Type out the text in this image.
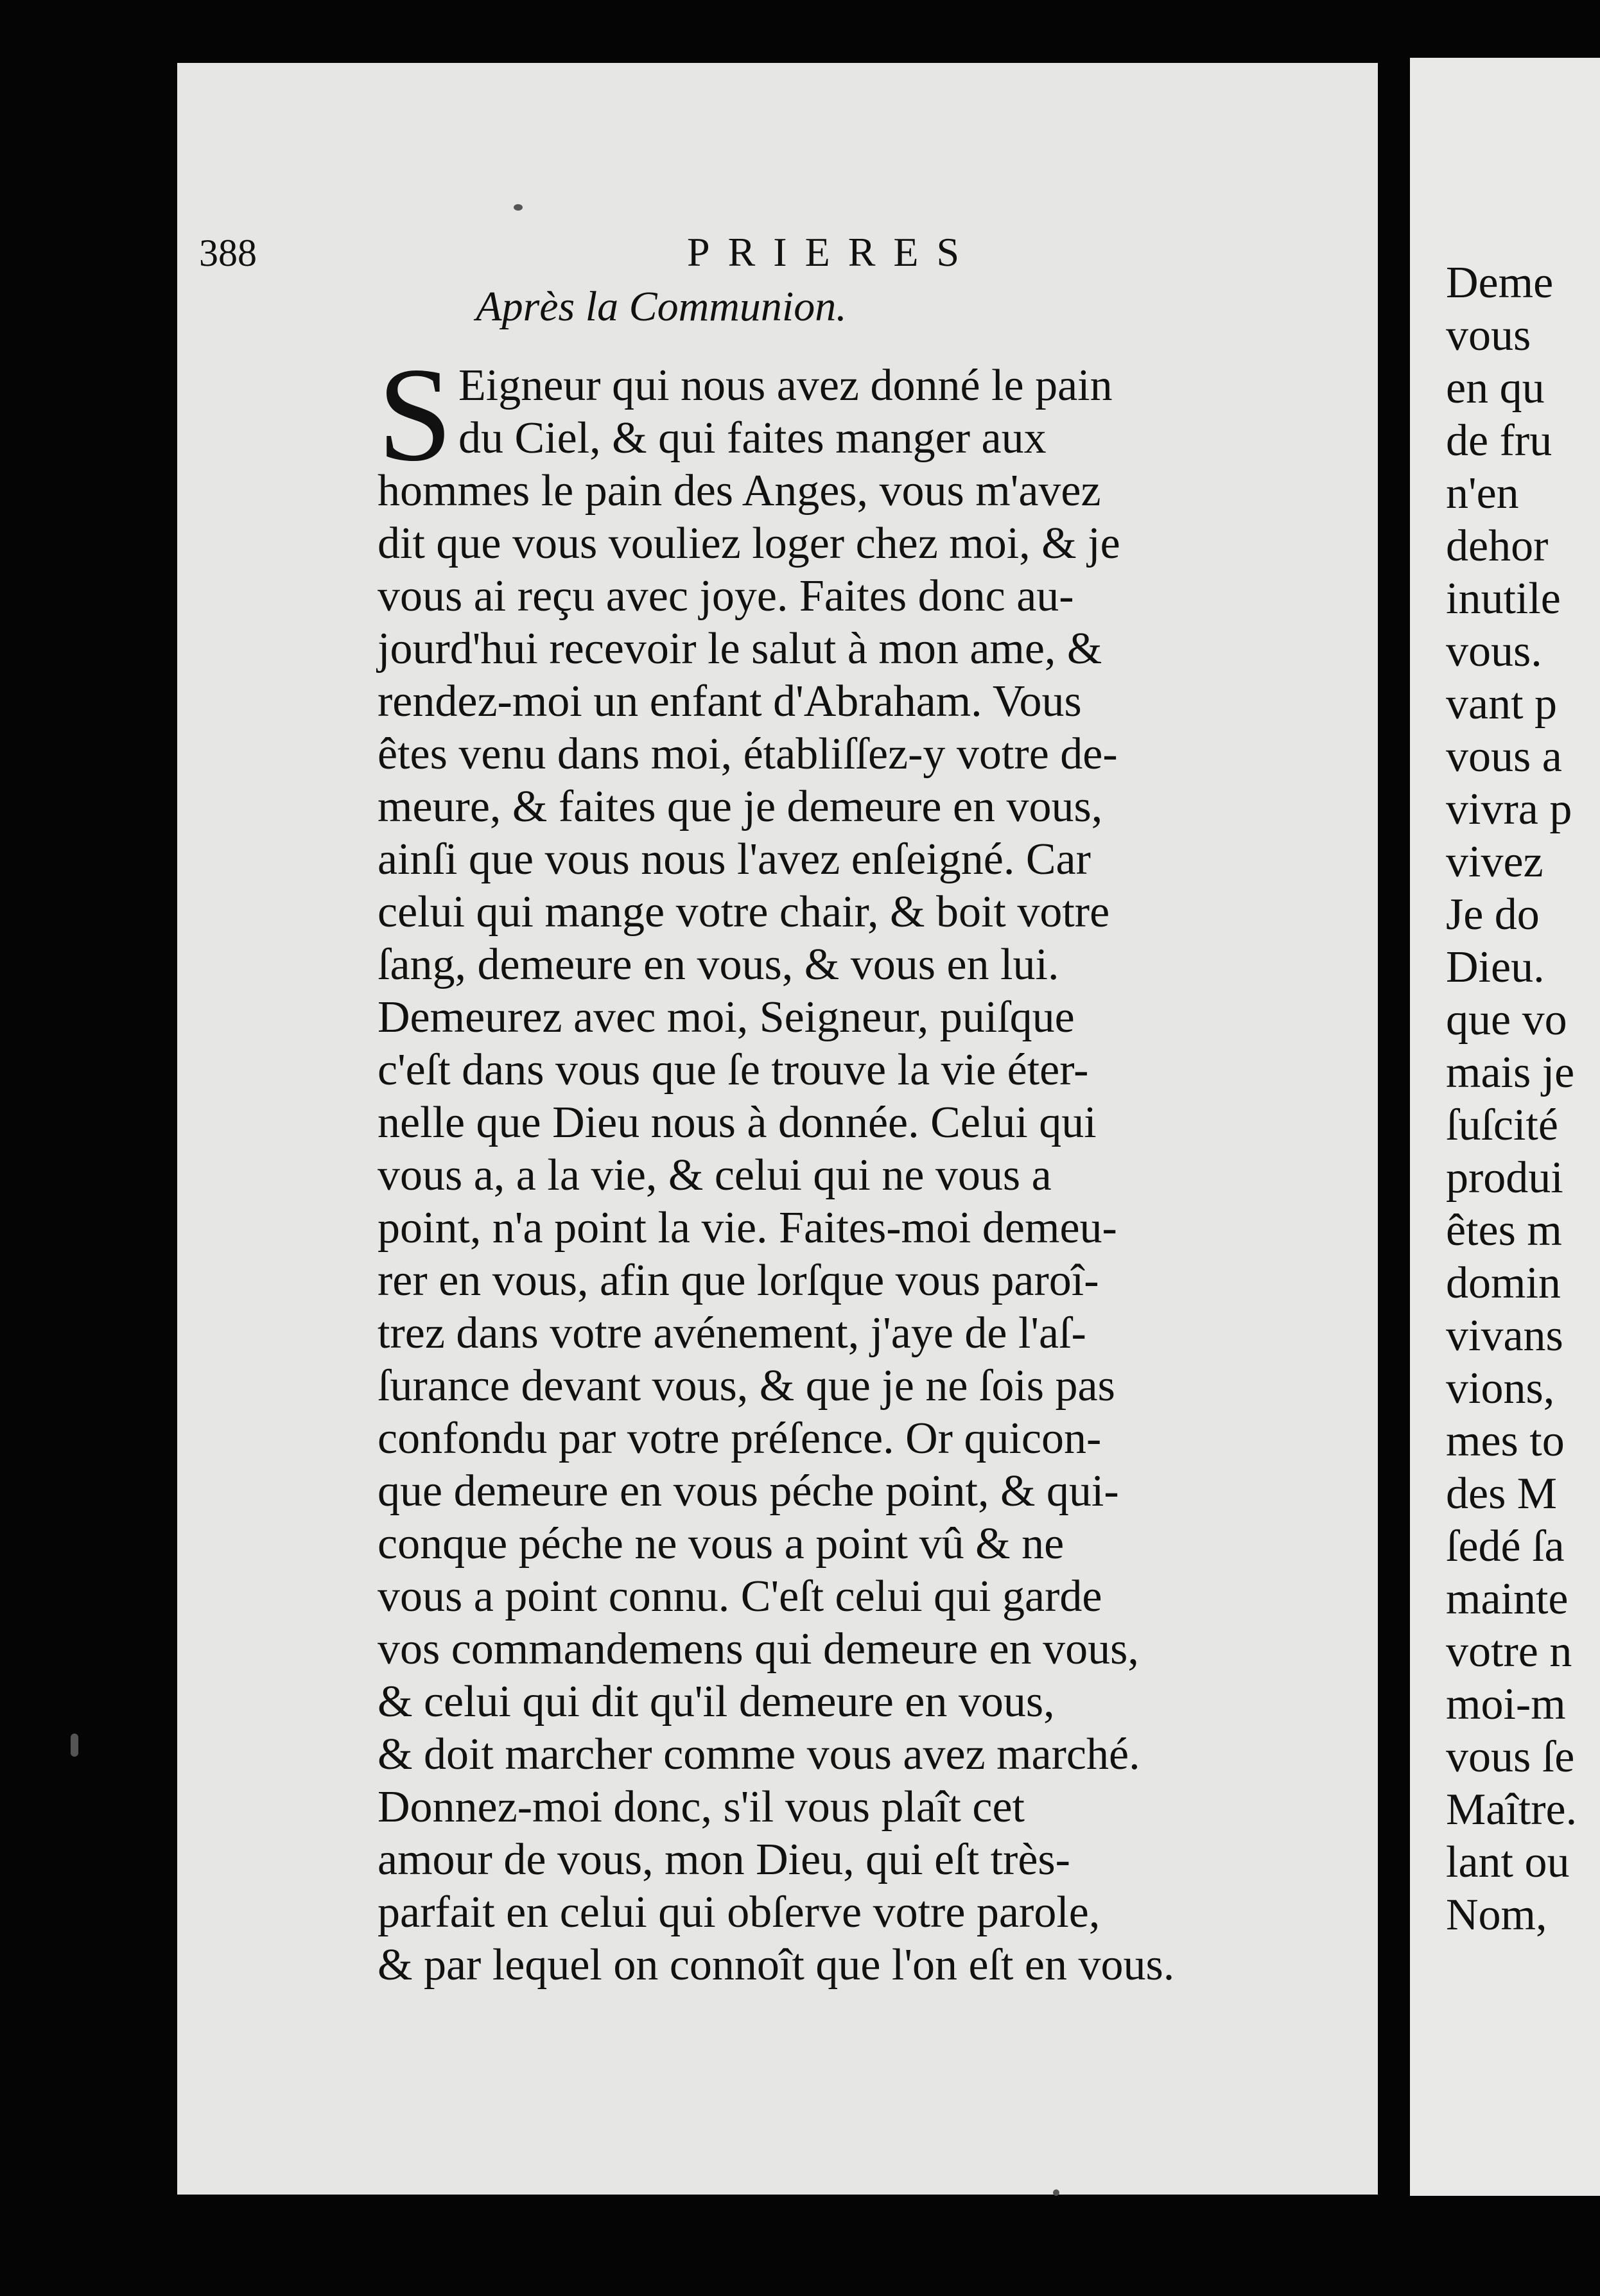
388	PRIERES
Après la Communion.
S Eigneur qui nous avez donné le pain
du Ciel, & qui faites manger aux
hommes le pain des Anges, vous m'avez
dit que vous vouliez loger chez moi, & je
vous ai reçu avec joye. Faites donc au-
jourd'hui recevoir le salut à mon ame, &
rendez-moi un enfant d'Abraham. Vous
êtes venu dans moi, établiſſez-y votre de-
meure, & faites que je demeure en vous,
ainſi que vous nous l'avez enſeigné. Car
celui qui mange votre chair, & boit votre
ſang, demeure en vous, & vous en lui.
Demeurez avec moi, Seigneur, puiſque
c'eſt dans vous que ſe trouve la vie éter-
nelle que Dieu nous à donnée. Celui qui
vous a, a la vie, & celui qui ne vous a
point, n'a point la vie. Faites-moi demeu-
rer en vous, afin que lorſque vous paroî-
trez dans votre avénement, j'aye de l'aſ-
ſurance devant vous, & que je ne ſois pas
confondu par votre préſence. Or quicon-
que demeure en vous péche point, & qui-
conque péche ne vous a point vû & ne
vous a point connu. C'eſt celui qui garde
vos commandemens qui demeure en vous,
& celui qui dit qu'il demeure en vous,
& doit marcher comme vous avez marché.
Donnez-moi donc, s'il vous plaît cet
amour de vous, mon Dieu, qui eſt très-
parfait en celui qui obſerve votre parole,
& par lequel on connoît que l'on eſt en vous.
Deme
vous
en qu
de fru
n'en
dehor
inutile
vous.
vant p
vous a
vivra p
vivez
Je do
Dieu.
que vo
mais je
ſuſcité
produi
êtes m
domin
vivans
vions,
mes to
des M
ſedé ſa
mainte
votre n
moi-m
vous ſe
Maître.
lant ou
Nom,
